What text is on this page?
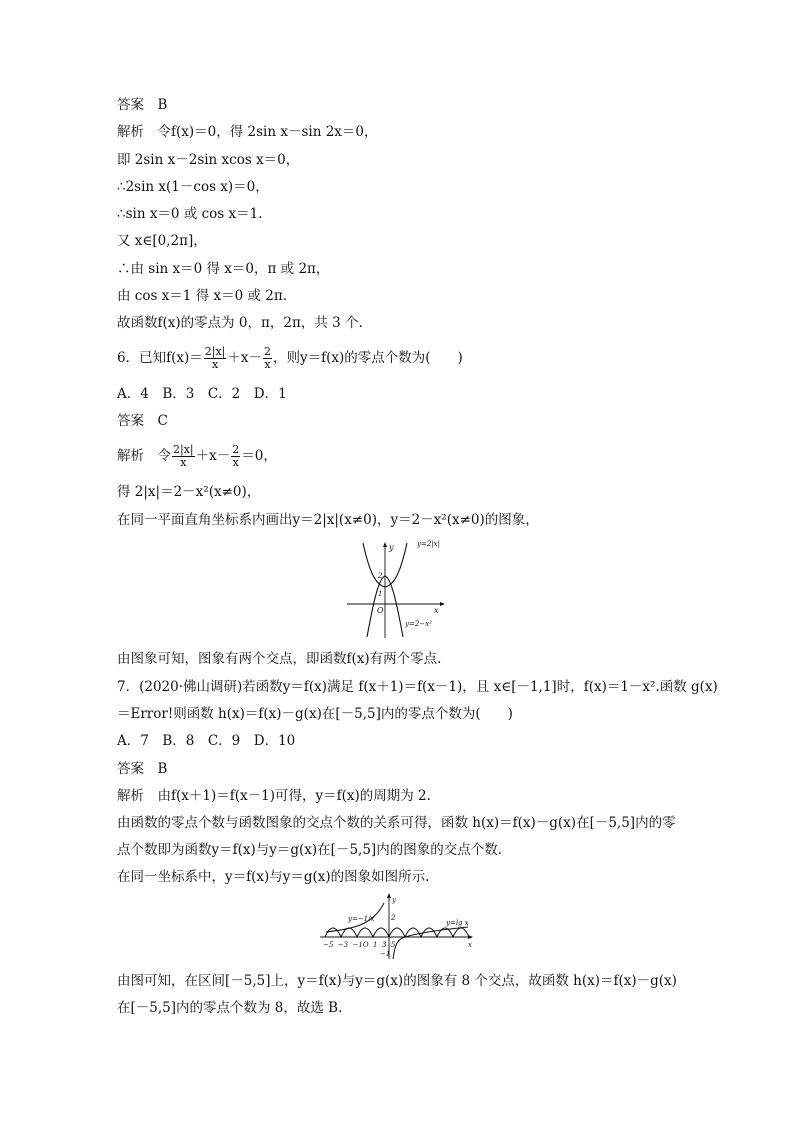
答案　B
解析　令f(x)＝0，得 2sin x－sin 2x＝0，
即 2sin x－2sin xcos x＝0，
∴2sin x(1－cos x)＝0，
∴sin x＝0 或 cos x＝1.
又 x∈[0,2π]，
∴由 sin x＝0 得 x＝0，π 或 2π，
由 cos x＝1 得 x＝0 或 2π.
故函数f(x)的零点为 0，π，2π，共 3 个.
6．已知$f(x)= \frac{2|x|}{x} +x- \frac{2}{x}$ ，则y＝f(x)的零点个数为(　　)
A．4　B．3　C．2　D．1
答案　C
解析　令 $\frac{2|x|}{x} +x- \frac{2}{x} =0$，
得 2|x|＝2－x²(x≠0)，
在同一平面直角坐标系内画出y＝2|x|(x≠0)，y＝2－x²(x≠0)的图象，
y=2|x|
y=2−x²
y
x
O
2
1
由图象可知，图象有两个交点，即函数f(x)有两个零点.
7．(2020·佛山调研)若函数y＝f(x)满足 f(x＋1)＝f(x－1)，且 x∈[－1,1]时，f(x)＝1－x².函数 g(x)
＝Error!则函数 h(x)＝f(x)－g(x)在[－5,5]内的零点个数为(　　)
A．7　B．8　C．9　D．10
答案　B
解析　由f(x＋1)＝f(x－1)可得，y＝f(x)的周期为 2.
由函数的零点个数与函数图象的交点个数的关系可得，函数 h(x)＝f(x)－g(x)在[－5,5]内的零
点个数即为函数y＝f(x)与y＝g(x)在[－5,5]内的图象的交点个数.
在同一坐标系中，y＝f(x)与y＝g(x)的图象如图所示.
y=−1/x	y=lg x
y
x
2
−1
−5  −3  −1O  1  3  5
由图可知，在区间[－5,5]上，y＝f(x)与y＝g(x)的图象有 8 个交点，故函数 h(x)＝f(x)－g(x)
在[－5,5]内的零点个数为 8，故选 B.
